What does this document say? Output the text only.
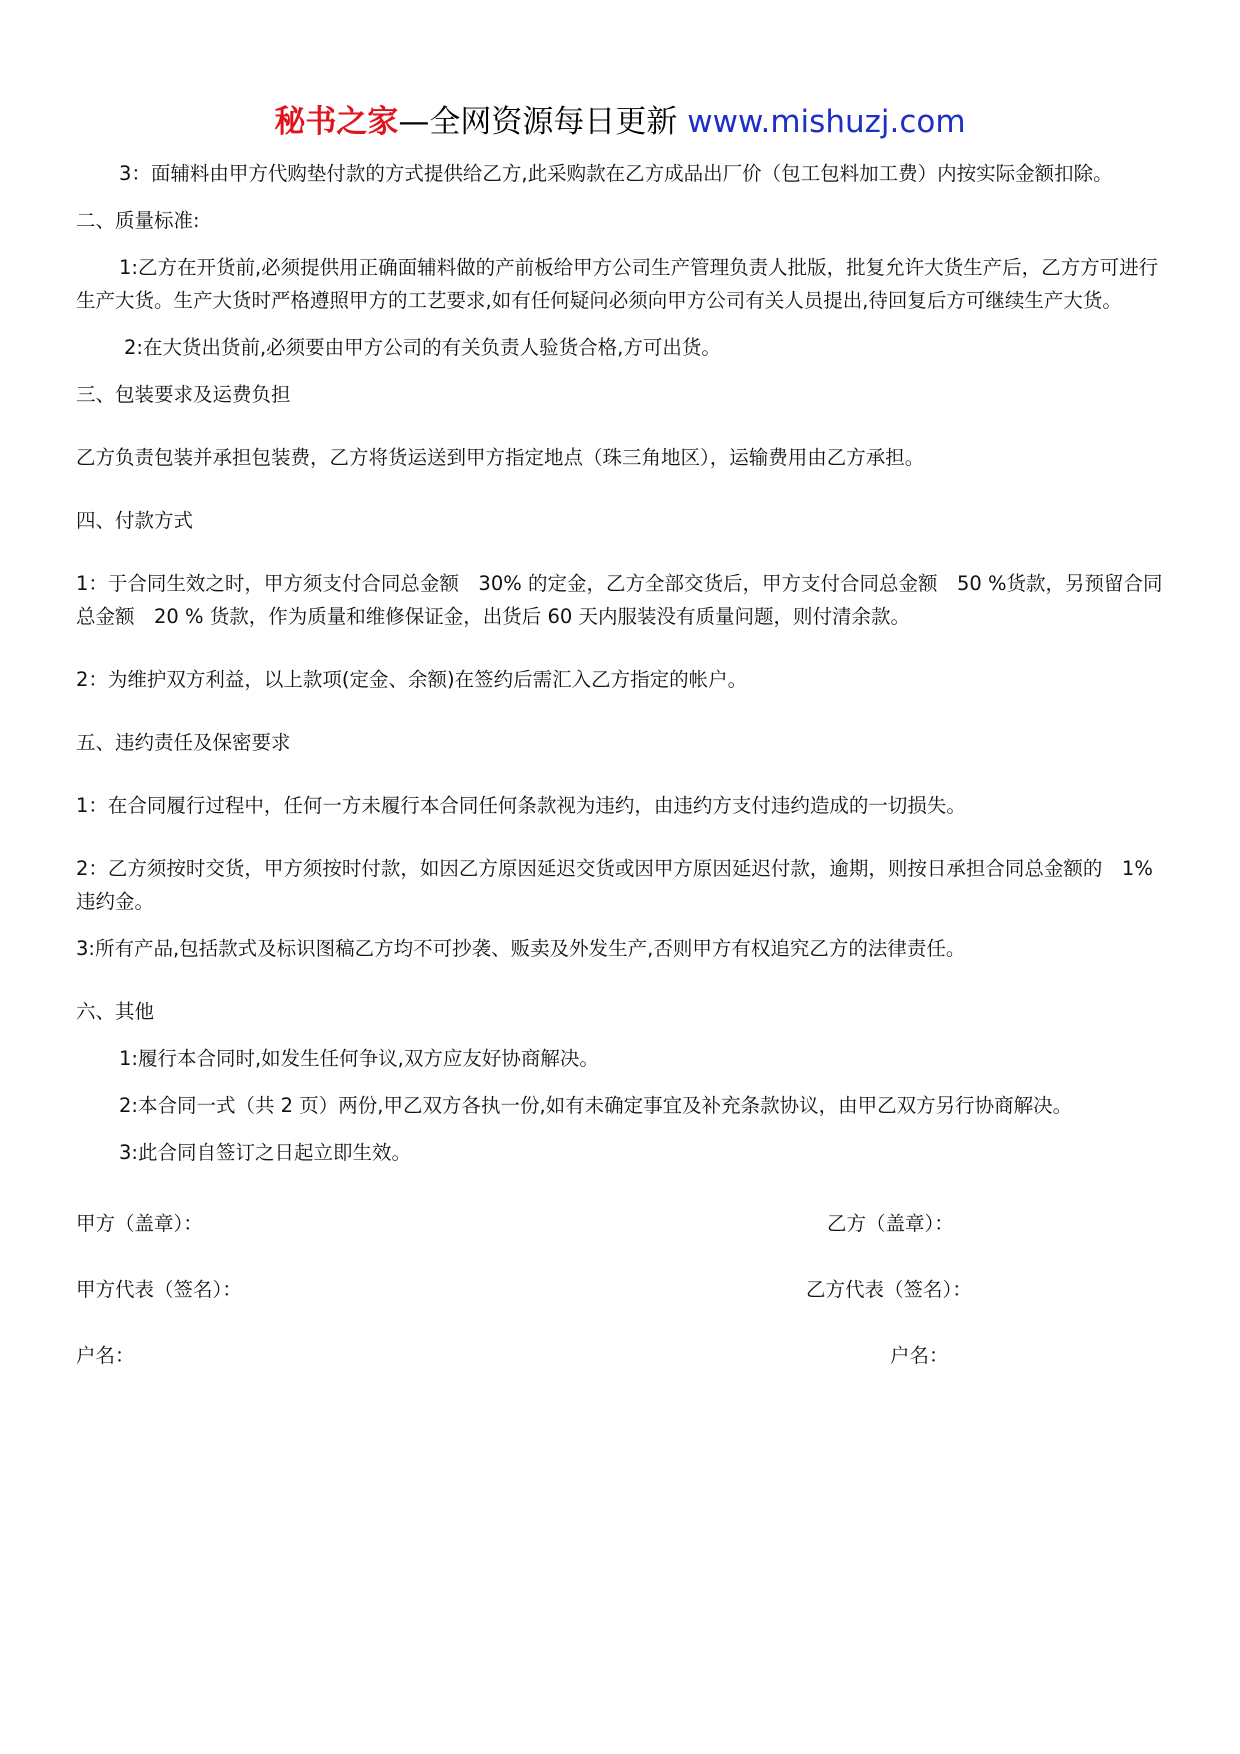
秘书之家—全网资源每日更新 www.mishuzj.com

3：面辅料由甲方代购垫付款的方式提供给乙方,此采购款在乙方成品出厂价（包工包料加工费）内按实际金额扣除。

二、质量标准:

1:乙方在开货前,必须提供用正确面辅料做的产前板给甲方公司生产管理负责人批版，批复允许大货生产后，乙方方可进行生产大货。生产大货时严格遵照甲方的工艺要求,如有任何疑问必须向甲方公司有关人员提出,待回复后方可继续生产大货。

2:在大货出货前,必须要由甲方公司的有关负责人验货合格,方可出货。

三、包装要求及运费负担

乙方负责包装并承担包装费，乙方将货运送到甲方指定地点（珠三角地区），运输费用由乙方承担。

四、付款方式

1：于合同生效之时，甲方须支付合同总金额　30% 的定金，乙方全部交货后，甲方支付合同总金额　50 %货款，另预留合同总金额　20 % 货款，作为质量和维修保证金，出货后 60 天内服装没有质量问题，则付清余款。

2：为维护双方利益，以上款项(定金、余额)在签约后需汇入乙方指定的帐户。

五、违约责任及保密要求

1：在合同履行过程中，任何一方未履行本合同任何条款视为违约，由违约方支付违约造成的一切损失。

2：乙方须按时交货，甲方须按时付款，如因乙方原因延迟交货或因甲方原因延迟付款，逾期，则按日承担合同总金额的　1%违约金。

3:所有产品,包括款式及标识图稿乙方均不可抄袭、贩卖及外发生产,否则甲方有权追究乙方的法律责任。

六、其他

1:履行本合同时,如发生任何争议,双方应友好协商解决。

2:本合同一式（共 2 页）两份,甲乙双方各执一份,如有未确定事宜及补充条款协议，由甲乙双方另行协商解决。

3:此合同自签订之日起立即生效。

甲方（盖章）：	乙方（盖章）：
甲方代表（签名）：	乙方代表（签名）：
户名：	户名：
